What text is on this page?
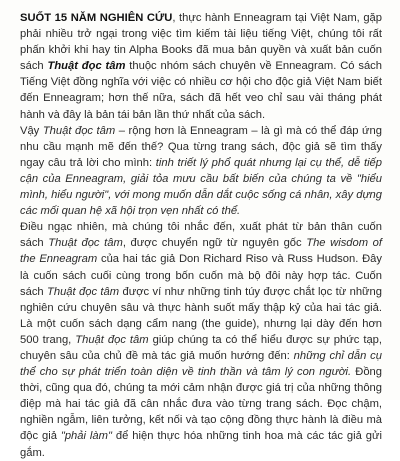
SUỐT 15 NĂM NGHIÊN CỨU, thực hành Enneagram tại Việt Nam, gặp phải nhiều trở ngại trong việc tìm kiếm tài liệu tiếng Việt, chúng tôi rất phấn khởi khi hay tin Alpha Books đã mua bản quyền và xuất bản cuốn sách Thuật đọc tâm thuộc nhóm sách chuyên về Enneagram. Có sách Tiếng Việt đồng nghĩa với việc có nhiều cơ hội cho độc giả Việt Nam biết đến Enneagram; hơn thế nữa, sách đã hết veo chỉ sau vài tháng phát hành và đây là bản tái bản lần thứ nhất của sách.

Vậy Thuật đọc tâm – rộng hơn là Enneagram – là gì mà có thể đáp ứng nhu cầu mạnh mẽ đến thế? Qua từng trang sách, độc giả sẽ tìm thấy ngay câu trả lời cho mình: tinh triết lý phổ quát nhưng lại cụ thể, dễ tiếp cận của Enneagram, giải tỏa mưu cầu bất biến của chúng ta về "hiểu mình, hiểu người", với mong muốn dẫn dắt cuộc sống cá nhân, xây dựng các mối quan hệ xã hội trọn vẹn nhất có thể.

Điều ngạc nhiên, mà chúng tôi nhắc đến, xuất phát từ bản thân cuốn sách Thuật đọc tâm, được chuyển ngữ từ nguyên gốc The wisdom of the Enneagram của hai tác giả Don Richard Riso và Russ Hudson. Đây là cuốn sách cuối cùng trong bốn cuốn mà bộ đôi này hợp tác. Cuốn sách Thuật đọc tâm được ví như những tinh túy được chắt lọc từ những nghiên cứu chuyên sâu và thực hành suốt mấy thập kỷ của hai tác giả. Là một cuốn sách dạng cẩm nang (the guide), nhưng lại dày đến hơn 500 trang, Thuật đọc tâm giúp chúng ta có thể hiểu được sự phức tạp, chuyên sâu của chủ đề mà tác giả muốn hướng đến: những chỉ dẫn cụ thể cho sự phát triển toàn diện về tinh thần và tâm lý con người. Đồng thời, cũng qua đó, chúng ta mới cảm nhận được giá trị của những thông điệp mà hai tác giả đã cân nhắc đưa vào từng trang sách. Đọc chậm, nghiền ngẫm, liên tưởng, kết nối và tạo cộng đồng thực hành là điều mà độc giả "phải làm" để hiện thực hóa những tinh hoa mà các tác giả gửi gắm.
